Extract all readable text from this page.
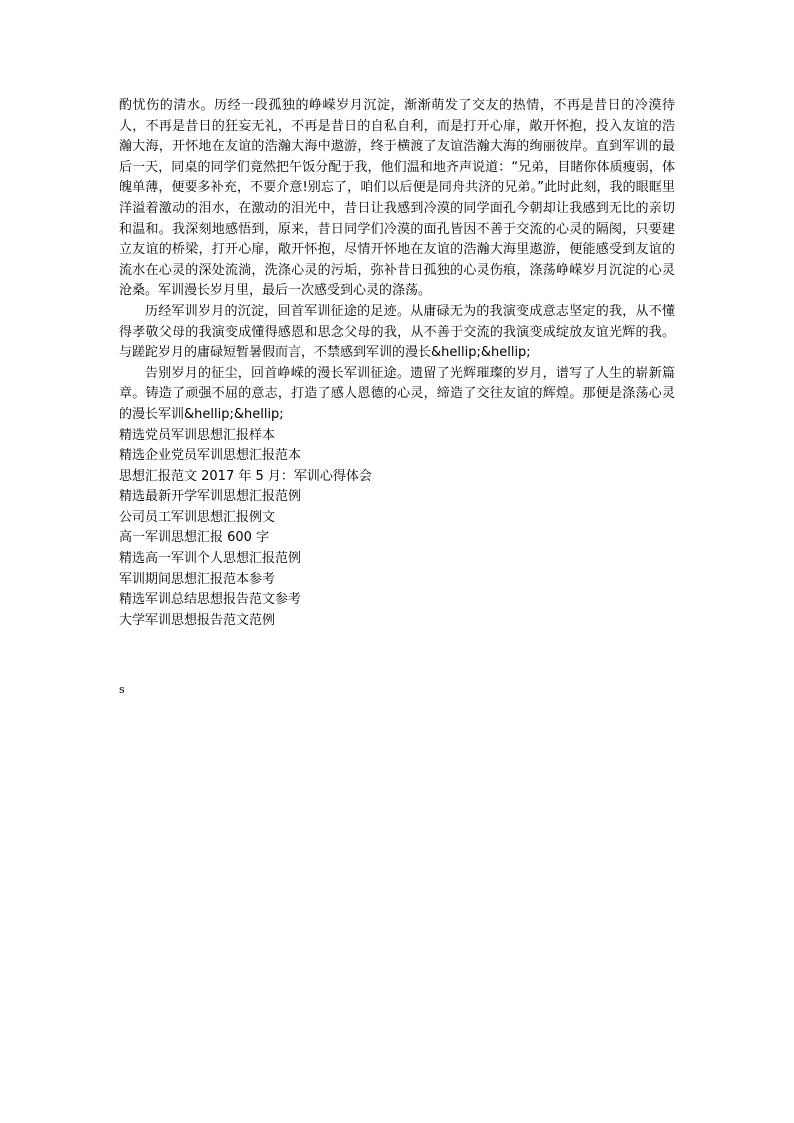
酌忧伤的清水。历经一段孤独的峥嵘岁月沉淀，渐渐萌发了交友的热情，不再是昔日的冷漠待人，不再是昔日的狂妄无礼，不再是昔日的自私自利，而是打开心扉，敞开怀抱，投入友谊的浩瀚大海，开怀地在友谊的浩瀚大海中遨游，终于横渡了友谊浩瀚大海的绚丽彼岸。直到军训的最后一天，同桌的同学们竟然把午饭分配于我，他们温和地齐声说道：“兄弟，目睹你体质瘦弱，体魄单薄，便要多补充，不要介意!别忘了，咱们以后便是同舟共济的兄弟。”此时此刻，我的眼眶里洋溢着激动的泪水，在激动的泪光中，昔日让我感到冷漠的同学面孔今朝却让我感到无比的亲切和温和。我深刻地感悟到，原来，昔日同学们冷漠的面孔皆因不善于交流的心灵的隔阂，只要建立友谊的桥梁，打开心扉，敞开怀抱，尽情开怀地在友谊的浩瀚大海里遨游，便能感受到友谊的流水在心灵的深处流淌，洗涤心灵的污垢，弥补昔日孤独的心灵伤痕，涤荡峥嵘岁月沉淀的心灵沧桑。军训漫长岁月里，最后一次感受到心灵的涤荡。

历经军训岁月的沉淀，回首军训征途的足迹。从庸碌无为的我演变成意志坚定的我，从不懂得孝敬父母的我演变成懂得感恩和思念父母的我，从不善于交流的我演变成绽放友谊光辉的我。与蹉跎岁月的庸碌短暂暑假而言，不禁感到军训的漫长&hellip;&hellip;

告别岁月的征尘，回首峥嵘的漫长军训征途。遗留了光辉璀璨的岁月，谱写了人生的崭新篇章。铸造了顽强不屈的意志，打造了感人恩德的心灵，缔造了交往友谊的辉煌。那便是涤荡心灵的漫长军训&hellip;&hellip;

精选党员军训思想汇报样本
精选企业党员军训思想汇报范本
思想汇报范文 2017 年 5 月：军训心得体会
精选最新开学军训思想汇报范例
公司员工军训思想汇报例文
高一军训思想汇报 600 字
精选高一军训个人思想汇报范例
军训期间思想汇报范本参考
精选军训总结思想报告范文参考
大学军训思想报告范文范例
s
